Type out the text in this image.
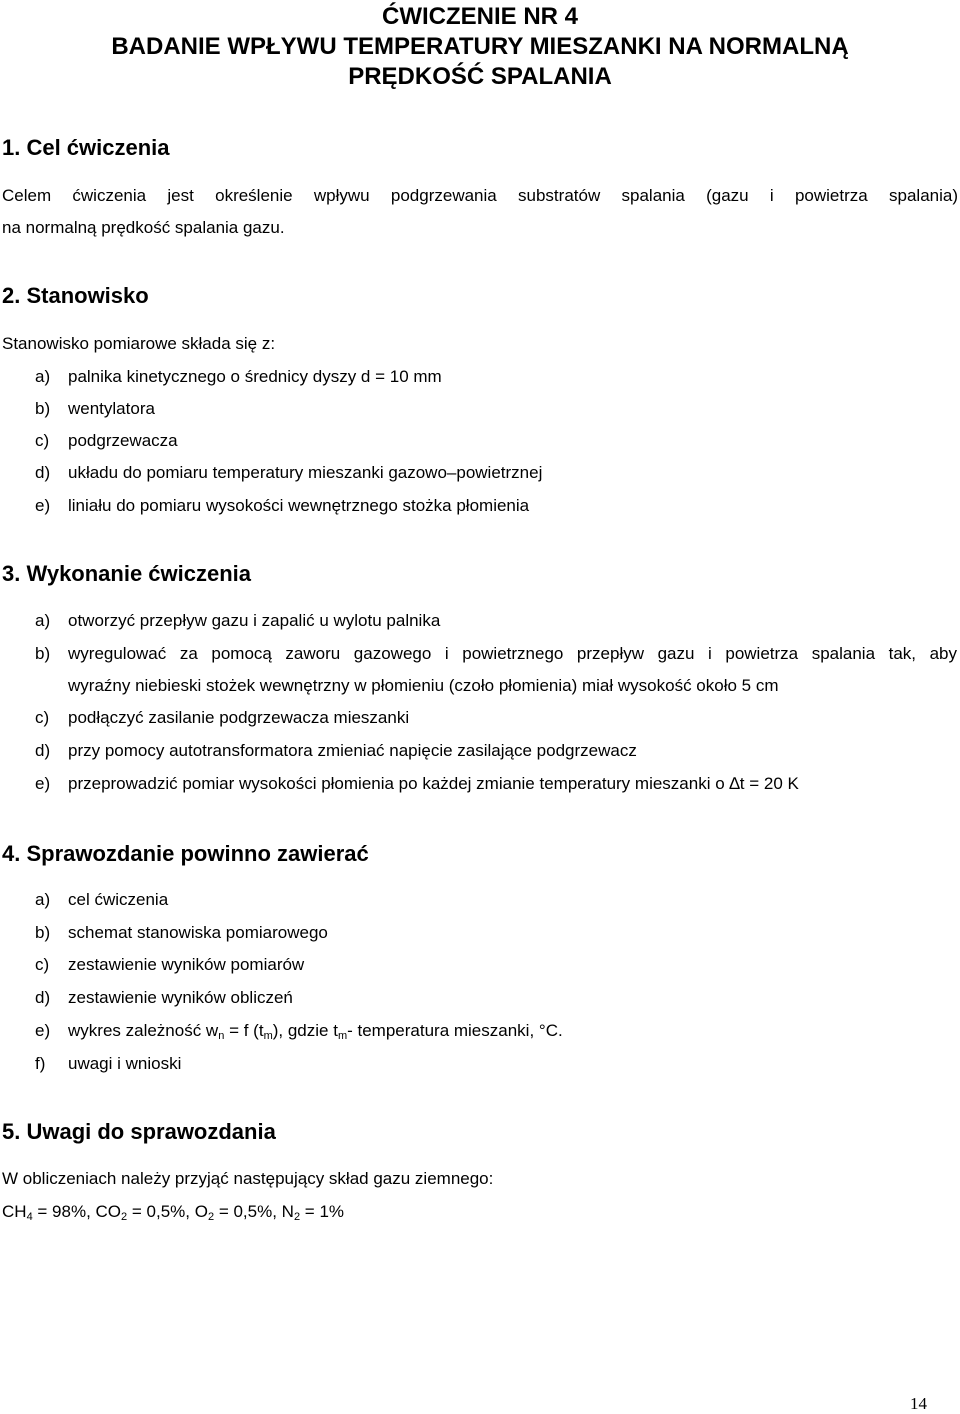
ĆWICZENIE NR 4
BADANIE WPŁYWU TEMPERATURY MIESZANKI NA NORMALNĄ
PRĘDKOŚĆ SPALANIA
1. Cel ćwiczenia
Celem ćwiczenia jest określenie wpływu podgrzewania substratów spalania (gazu i powietrza spalania)
na normalną prędkość spalania gazu.
2. Stanowisko
Stanowisko pomiarowe składa się z:
a) palnika kinetycznego o średnicy dyszy d = 10 mm
b) wentylatora
c) podgrzewacza
d) układu do pomiaru temperatury mieszanki gazowo–powietrznej
e) liniału do pomiaru wysokości wewnętrznego stożka płomienia
3. Wykonanie ćwiczenia
a) otworzyć przepływ gazu i zapalić u wylotu palnika
b) wyregulować za pomocą zaworu gazowego i powietrznego przepływ gazu i powietrza spalania tak, aby
wyraźny niebieski stożek wewnętrzny w płomieniu (czoło płomienia) miał wysokość około 5 cm
c) podłączyć zasilanie podgrzewacza mieszanki
d) przy pomocy autotransformatora zmieniać napięcie zasilające podgrzewacz
e) przeprowadzić pomiar wysokości płomienia po każdej zmianie temperatury mieszanki o ∆t = 20 K
4. Sprawozdanie powinno zawierać
a) cel ćwiczenia
b) schemat stanowiska pomiarowego
c) zestawienie wyników pomiarów
d) zestawienie wyników obliczeń
e) wykres zależność $w_n = f$ $(t_m)$, gdzie $t_m-$ temperatura mieszanki, °C.
f) uwagi i wnioski
5. Uwagi do sprawozdania
W obliczeniach należy przyjąć następujący skład gazu ziemnego:
$CH_4 = 98\%$, $CO_2 = 0,5\%$, $O_2 = 0,5\%$, $N_2 = 1\%$
14
